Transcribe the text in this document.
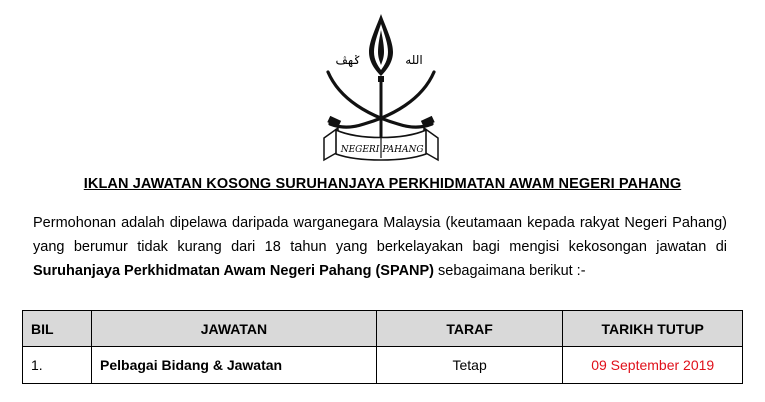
ݢهڤ	الله
NEGERI PAHANG
IKLAN JAWATAN KOSONG SURUHANJAYA PERKHIDMATAN AWAM NEGERI PAHANG

Permohonan adalah dipelawa daripada warganegara Malaysia (keutamaan kepada rakyat Negeri Pahang) yang berumur tidak kurang dari 18 tahun yang berkelayakan bagi mengisi kekosongan jawatan di Suruhanjaya Perkhidmatan Awam Negeri Pahang (SPANP) sebagaimana berikut :-

BIL	JAWATAN	TARAF	TARIKH TUTUP
1.	Pelbagai Bidang & Jawatan	Tetap	09 September 2019
